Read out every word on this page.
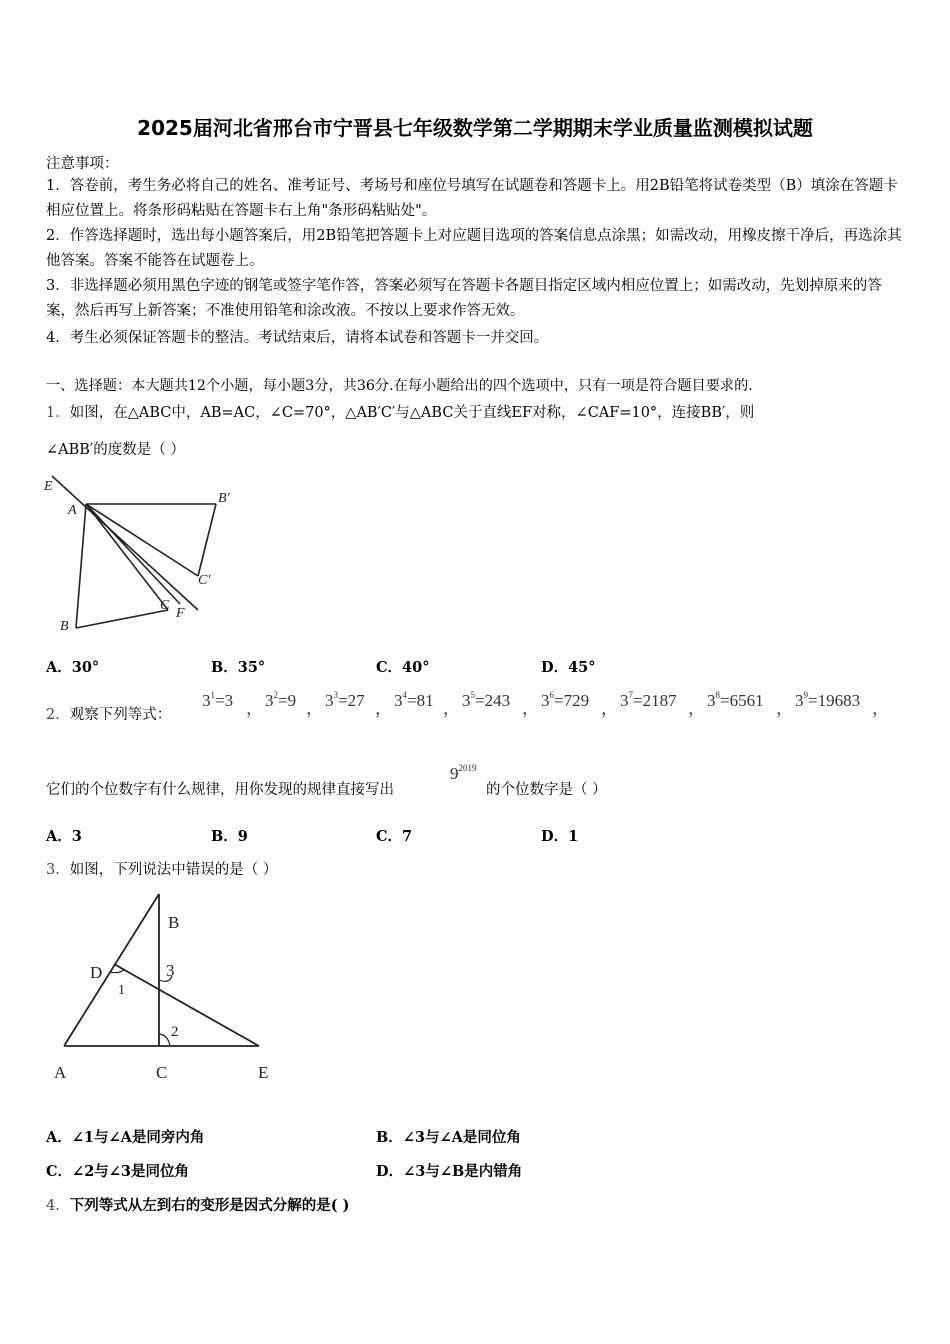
2025届河北省邢台市宁晋县七年级数学第二学期期末学业质量监测模拟试题
注意事项：
1．答卷前，考生务必将自己的姓名、准考证号、考场号和座位号填写在试题卷和答题卡上。用2B铅笔将试卷类型（B）填涂在答题卡相应位置上。将条形码粘贴在答题卡右上角"条形码粘贴处"。
2．作答选择题时，选出每小题答案后，用2B铅笔把答题卡上对应题目选项的答案信息点涂黑；如需改动，用橡皮擦干净后，再选涂其他答案。答案不能答在试题卷上。
3．非选择题必须用黑色字迹的钢笔或签字笔作答，答案必须写在答题卡各题目指定区域内相应位置上；如需改动，先划掉原来的答案，然后再写上新答案；不准使用铅笔和涂改液。不按以上要求作答无效。
4．考生必须保证答题卡的整洁。考试结束后，请将本试卷和答题卡一并交回。
一、选择题：本大题共12个小题，每小题3分，共36分.在每小题给出的四个选项中，只有一项是符合题目要求的.
1．如图，在△ABC中，AB=AC，∠C=70°，△AB′C′与△ABC关于直线EF对称，∠CAF=10°，连接BB′，则
∠ABB′的度数是（ ）
E
A
B′
C′
B
C
F
A．30°	B．35°	C．40°	D．45°
2．观察下列等式：
$3^1=3$ ， $3^2=9$ ， $3^3=27$ ， $3^4=81$ ， $3^5=243$ ， $3^6=729$ ， $3^7=2187$ ， $3^8=6561$ ， $3^9=19683$ ，
它们的个位数字有什么规律，用你发现的规律直接写出
$9^{2019}$
的个位数字是（ ）
A．3	B．9	C．7	D．1
3．如图，下列说法中错误的是（ ）
B
D
1
3
2
A	C	E
A．∠1与∠A是同旁内角	B．∠3与∠A是同位角
C．∠2与∠3是同位角	D．∠3与∠B是内错角
4．下列等式从左到右的变形是因式分解的是( )
